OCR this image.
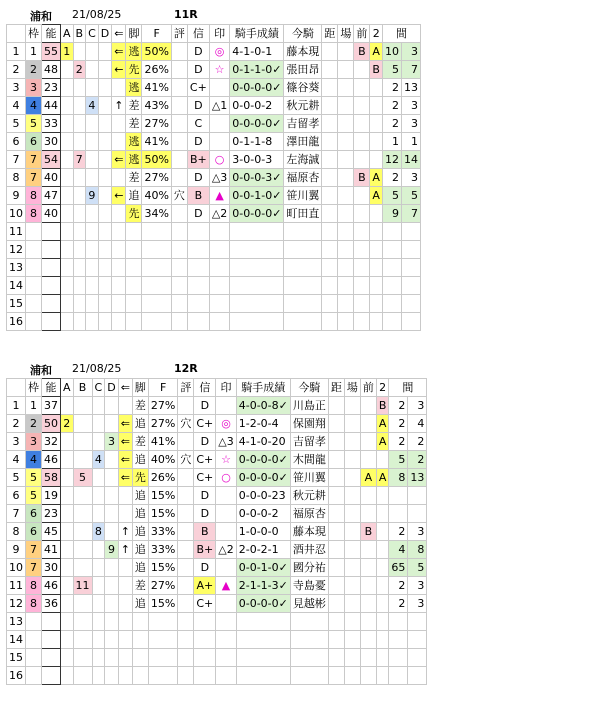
浦和 21/08/25	11R
	枠	能	A	B	C	D	⇐	脚	F	評	信	印	騎手成績	今騎	距	場	前	2	間	
1	1	55	1				⇐	逃	50%		D	◎	4-1-0-1	藤本現			B	A	10	3
2	2	48		2			←	先	26%		D	☆	0-1-1-0✓	張田昂				B	5	7
3	3	23						逃	41%		C+		0-0-0-0✓	篠谷葵					2	13
4	4	44			4		↑	差	43%		D	△1	0-0-0-2	秋元耕					2	3
5	5	33						差	27%		C		0-0-0-0✓	吉留孝					2	3
6	6	30						逃	41%		D		0-1-1-8	澤田龍					1	1
7	7	54		7			⇐	逃	50%		B+	○	3-0-0-3	左海誠					12	14
8	7	40						差	27%		D	△3	0-0-0-3✓	福原杏			B	A	2	3
9	8	47			9		←	追	40%	穴	B	▲	0-0-1-0✓	笹川翼				A	5	5
10	8	40						先	34%		D	△2	0-0-0-0✓	町田直					9	7
11																				
12																				
13																				
14																				
15																				
16																				
浦和 21/08/25	12R
	枠	能	A	B	C	D	⇐	脚	F	評	信	印	騎手成績	今騎	距	場	前	2	間	
1	1	37						差	27%		D		4-0-0-8✓	川島正				B	2	3
2	2	50	2				⇐	追	27%	穴	C+	◎	1-2-0-4	保園翔				A	2	4
3	3	32				3	⇐	差	41%		D	△3	4-1-0-20	吉留孝				A	2	2
4	4	46			4		⇐	追	40%	穴	C+	☆	0-0-0-0✓	木間龍					5	2
5	5	58		5			⇐	先	26%		C+	○	0-0-0-0✓	笹川翼			A	A	8	13
6	5	19						追	15%		D		0-0-0-23	秋元耕						
7	6	23						追	15%		D		0-0-0-2	福原杏						
8	6	45			8		↑	追	33%		B		1-0-0-0	藤本現			B		2	3
9	7	41				9	↑	追	33%		B+	△2	2-0-2-1	酒井忍					4	8
10	7	30						追	15%		D		0-0-1-0✓	國分祐					65	5
11	8	46		11				差	27%		A+	▲	2-1-1-3✓	寺島憂					2	3
12	8	36						追	15%		C+		0-0-0-0✓	見越彬					2	3
13																				
14																				
15																				
16																				
